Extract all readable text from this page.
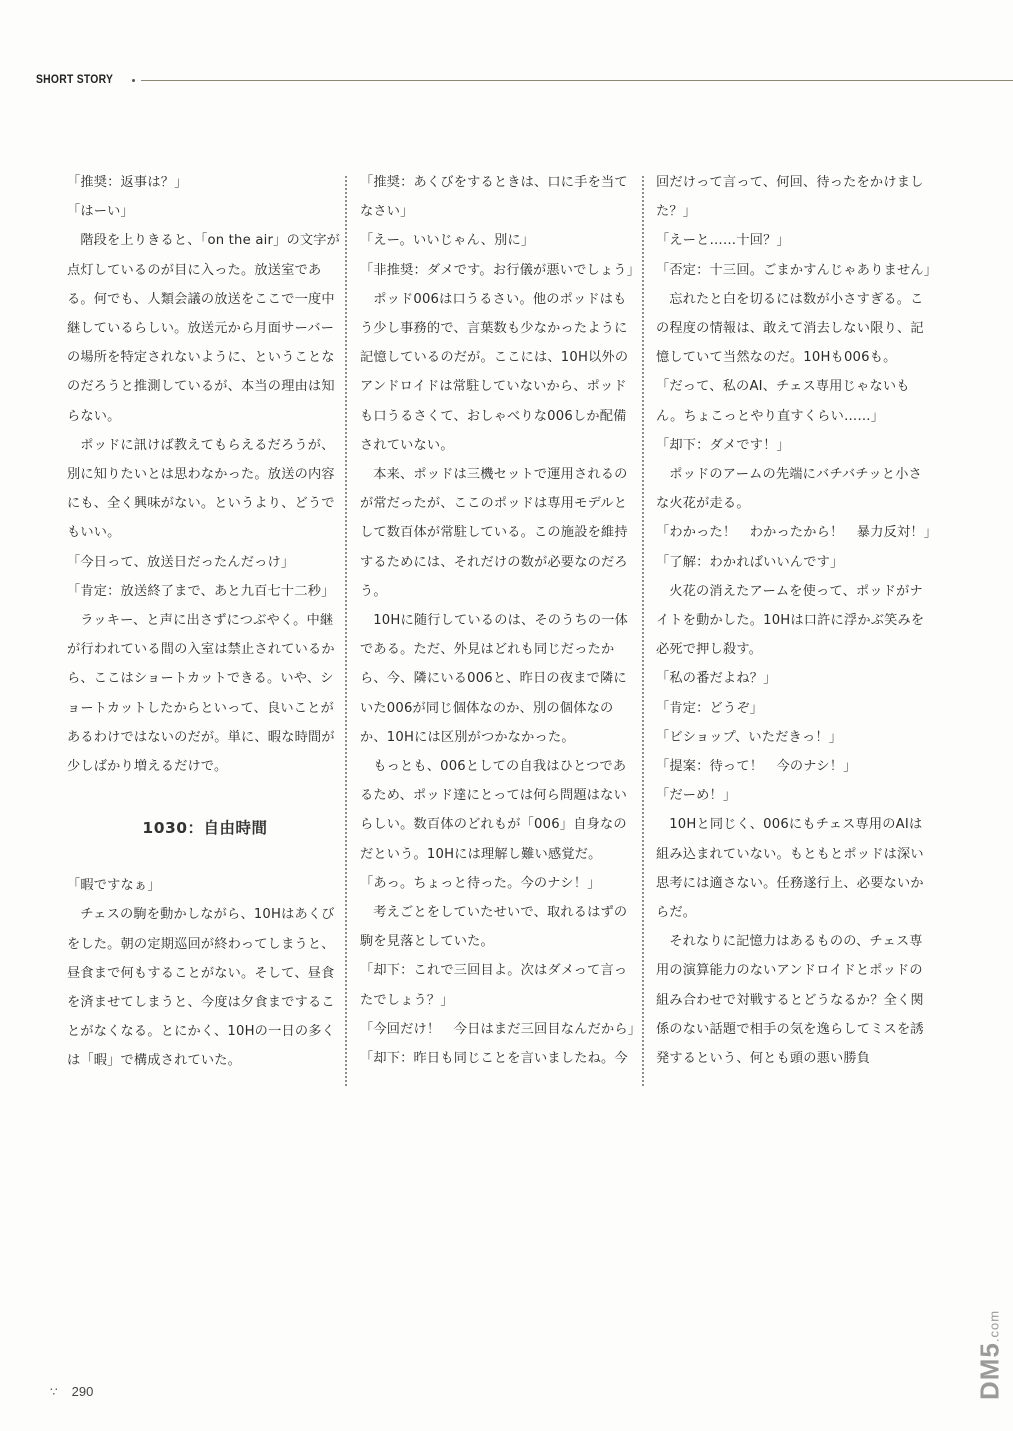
SHORT STORY

「推奨：返事は？」

「はーい」

階段を上りきると、「on the air」の文字が点灯しているのが目に入った。放送室である。何でも、人類会議の放送をここで一度中継しているらしい。放送元から月面サーバーの場所を特定されないように、ということなのだろうと推測しているが、本当の理由は知らない。

ポッドに訊けば教えてもらえるだろうが、別に知りたいとは思わなかった。放送の内容にも、全く興味がない。というより、どうでもいい。

「今日って、放送日だったんだっけ」

「肯定：放送終了まで、あと九百七十二秒」

ラッキー、と声に出さずにつぶやく。中継が行われている間の入室は禁止されているから、ここはショートカットできる。いや、ショートカットしたからといって、良いことがあるわけではないのだが。単に、暇な時間が少しばかり増えるだけで。

1030：自由時間

「暇ですなぁ」

チェスの駒を動かしながら、10Hはあくびをした。朝の定期巡回が終わってしまうと、昼食まで何もすることがない。そして、昼食を済ませてしまうと、今度は夕食まですることがなくなる。とにかく、10Hの一日の多くは「暇」で構成されていた。

「推奨：あくびをするときは、口に手を当てなさい」

「えー。いいじゃん、別に」

「非推奨：ダメです。お行儀が悪いでしょう」

ポッド006は口うるさい。他のポッドはもう少し事務的で、言葉数も少なかったように記憶しているのだが。ここには、10H以外のアンドロイドは常駐していないから、ポッドも口うるさくて、おしゃべりな006しか配備されていない。

本来、ポッドは三機セットで運用されるのが常だったが、ここのポッドは専用モデルとして数百体が常駐している。この施設を維持するためには、それだけの数が必要なのだろう。

10Hに随行しているのは、そのうちの一体である。ただ、外見はどれも同じだったから、今、隣にいる006と、昨日の夜まで隣にいた006が同じ個体なのか、別の個体なのか、10Hには区別がつかなかった。

もっとも、006としての自我はひとつであるため、ポッド達にとっては何ら問題はないらしい。数百体のどれもが「006」自身なのだという。10Hには理解し難い感覚だ。

「あっ。ちょっと待った。今のナシ！」

考えごとをしていたせいで、取れるはずの駒を見落としていた。

「却下：これで三回目よ。次はダメって言ったでしょう？」

「今回だけ！　今日はまだ三回目なんだから」

「却下：昨日も同じことを言いましたね。今

回だけって言って、何回、待ったをかけました？」

「えーと……十回？」

「否定：十三回。ごまかすんじゃありません」

忘れたと白を切るには数が小さすぎる。この程度の情報は、敢えて消去しない限り、記憶していて当然なのだ。10Hも006も。

「だって、私のAI、チェス専用じゃないもん。ちょこっとやり直すくらい……」

「却下：ダメです！」

ポッドのアームの先端にバチバチッと小さな火花が走る。

「わかった！　わかったから！　暴力反対！」

「了解：わかればいいんです」

火花の消えたアームを使って、ポッドがナイトを動かした。10Hは口許に浮かぶ笑みを必死で押し殺す。

「私の番だよね？」

「肯定：どうぞ」

「ビショップ、いただきっ！」

「提案：待って！　今のナシ！」

「だーめ！」

10Hと同じく、006にもチェス専用のAIは組み込まれていない。もともとポッドは深い思考には適さない。任務遂行上、必要ないからだ。

それなりに記憶力はあるものの、チェス専用の演算能力のないアンドロイドとポッドの組み合わせで対戦するとどうなるか？全く関係のない話題で相手の気を逸らしてミスを誘発するという、何とも頭の悪い勝負

∵ 290	DM5.com
